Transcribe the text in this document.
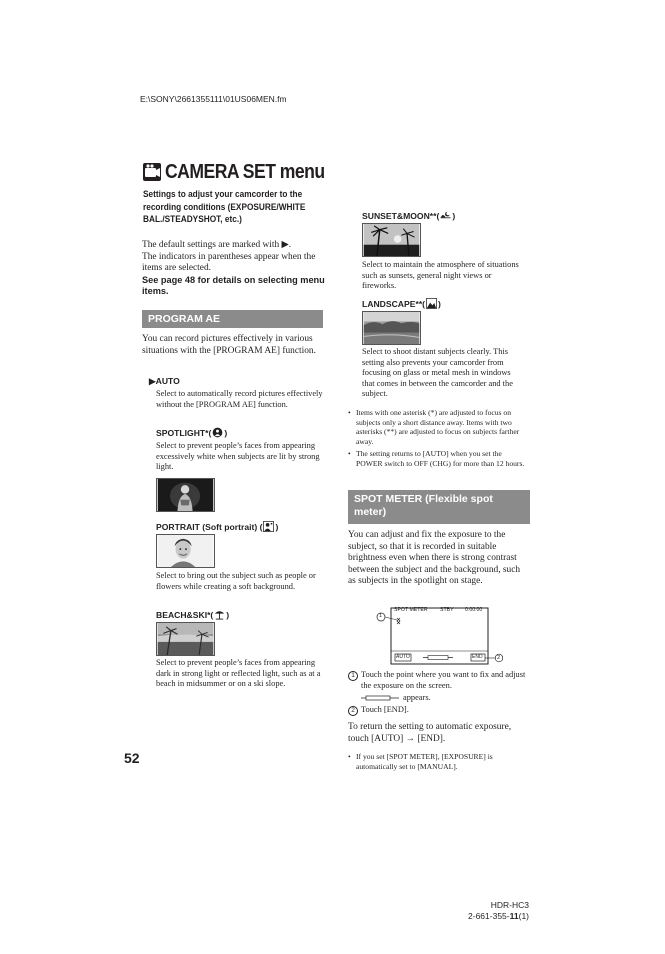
E:\SONY\2661355111\01US06MEN.fm
CAMERA SET menu
Settings to adjust your camcorder to the recording conditions (EXPOSURE/WHITE BAL./STEADYSHOT, etc.)
The default settings are marked with ▶.
The indicators in parentheses appear when the items are selected.
See page 48 for details on selecting menu items.
PROGRAM AE
You can record pictures effectively in various situations with the [PROGRAM AE] function.
▶AUTO
Select to automatically record pictures effectively without the [PROGRAM AE] function.
SPOTLIGHT*( )
Select to prevent people’s faces from appearing excessively white when subjects are lit by strong light.
PORTRAIT (Soft portrait) ( )
Select to bring out the subject such as people or flowers while creating a soft background.
BEACH&SKI*( )
Select to prevent people’s faces from appearing dark in strong light or reflected light, such as at a beach in midsummer or on a ski slope.
SUNSET&MOON**( )
Select to maintain the atmosphere of situations such as sunsets, general night views or fireworks.
LANDSCAPE**( )
Select to shoot distant subjects clearly. This setting also prevents your camcorder from focusing on glass or metal mesh in windows that comes in between the camcorder and the subject.
• Items with one asterisk (*) are adjusted to focus on subjects only a short distance away. Items with two asterisks (**) are adjusted to focus on subjects farther away.
• The setting returns to [AUTO] when you set the POWER switch to OFF (CHG) for more than 12 hours.
SPOT METER (Flexible spot meter)
You can adjust and fix the exposure to the subject, so that it is recorded in suitable brightness even when there is strong contrast between the subject and the background, such as subjects in the spotlight on stage.
SPOT METER STBY 0:00:00
AUTO	END
1
2
1 Touch the point where you want to fix and adjust the exposure on the screen.
appears.
2 Touch [END].
To return the setting to automatic exposure, touch [AUTO] → [END].
• If you set [SPOT METER], [EXPOSURE] is automatically set to [MANUAL].
52
HDR-HC3
2-661-355-11(1)
